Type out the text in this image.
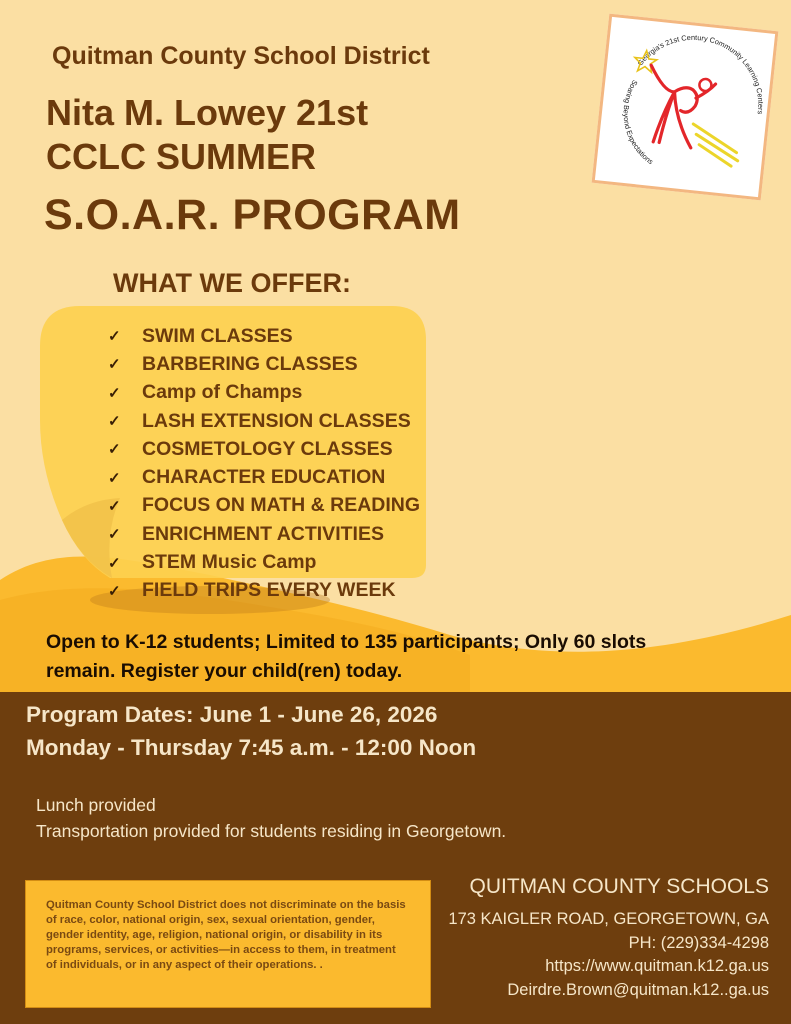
Quitman County School District
Nita M. Lowey 21st
CCLC SUMMER
S.O.A.R. PROGRAM
Georgia's 21st Century Community Learning Centers
Soaring Beyond Expectations
WHAT WE OFFER:
✓	SWIM CLASSES
✓	BARBERING CLASSES
✓	Camp of Champs
✓	LASH EXTENSION CLASSES
✓	COSMETOLOGY CLASSES
✓	CHARACTER EDUCATION
✓	FOCUS ON MATH & READING
✓	ENRICHMENT ACTIVITIES
✓	STEM Music Camp
✓	FIELD TRIPS EVERY WEEK
Open to K-12 students; Limited to 135 participants; Only 60 slots
remain. Register your child(ren) today.
Program Dates: June 1 - June 26, 2026
Monday - Thursday 7:45 a.m. - 12:00 Noon
Lunch provided
Transportation provided for students residing in Georgetown.
Quitman County School District does not discriminate on the basis of race, color, national origin, sex, sexual orientation, gender, gender identity, age, religion, national origin, or disability in its programs, services, or activities—in access to them, in treatment of individuals, or in any aspect of their operations. .
QUITMAN COUNTY SCHOOLS
173 KAIGLER ROAD, GEORGETOWN, GA
PH: (229)334-4298
https://www.quitman.k12.ga.us
Deirdre.Brown@quitman.k12..ga.us
